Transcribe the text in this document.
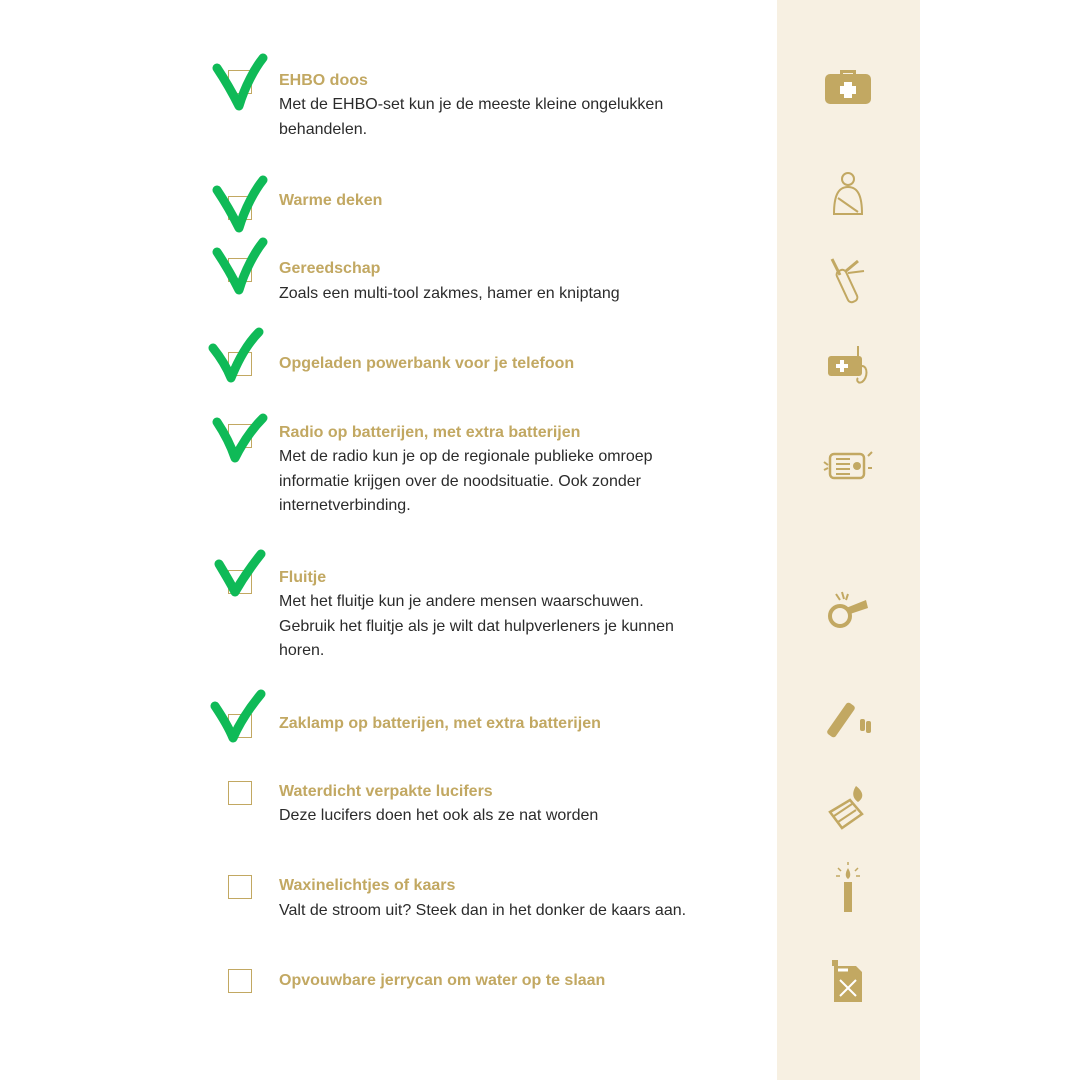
EHBO doos
Met de EHBO-set kun je de meeste kleine ongelukken behandelen.
Warme deken
Gereedschap
Zoals een multi-tool zakmes, hamer en kniptang
Opgeladen powerbank voor je telefoon
Radio op batterijen, met extra batterijen
Met de radio kun je op de regionale publieke omroep informatie krijgen over de noodsituatie. Ook zonder internetverbinding.
Fluitje
Met het fluitje kun je andere mensen waarschuwen. Gebruik het fluitje als je wilt dat hulpverleners je kunnen horen.
Zaklamp op batterijen, met extra batterijen
Waterdicht verpakte lucifers
Deze lucifers doen het ook als ze nat worden
Waxinelichtjes of kaars
Valt de stroom uit? Steek dan in het donker de kaars aan.
Opvouwbare jerrycan om water op te slaan
